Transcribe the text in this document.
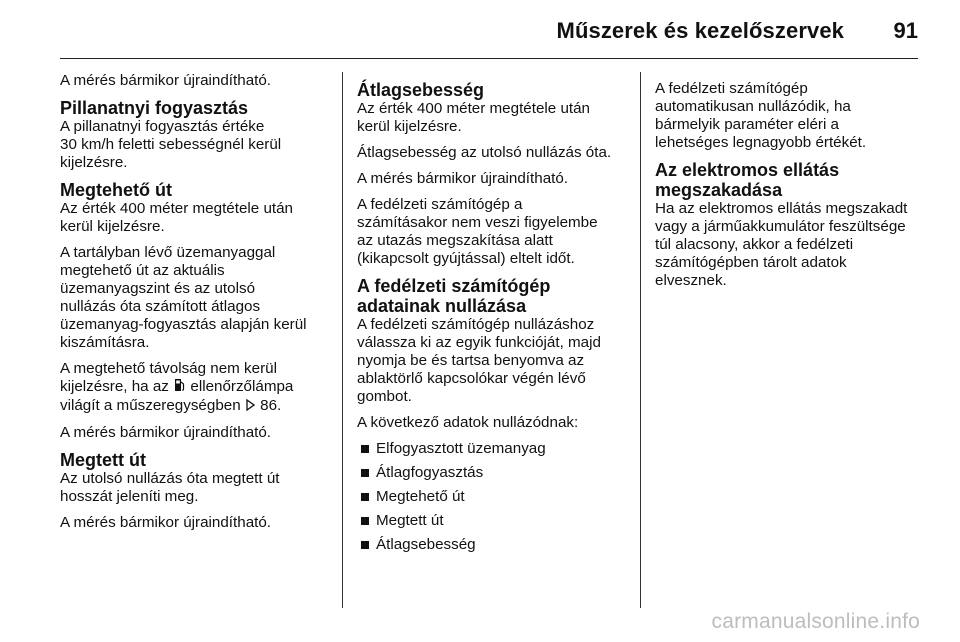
Műszerek és kezelőszervek 91

A mérés bármikor újraindítható.

Pillanatnyi fogyasztás

A pillanatnyi fogyasztás értéke
30 km/h feletti sebességnél kerül
kijelzésre.

Megtehető út

Az érték 400 méter megtétele után
kerül kijelzésre.

A tartályban lévő üzemanyaggal
megtehető út az aktuális
üzemanyagszint és az utolsó
nullázás óta számított átlagos
üzemanyag-fogyasztás alapján kerül
kiszámításra.

A megtehető távolság nem kerül
kijelzésre, ha az ellenőrzőlámpa
világít a műszeregységben 86.

A mérés bármikor újraindítható.

Megtett út

Az utolsó nullázás óta megtett út
hosszát jeleníti meg.

A mérés bármikor újraindítható.

Átlagsebesség

Az érték 400 méter megtétele után
kerül kijelzésre.

Átlagsebesség az utolsó nullázás óta.

A mérés bármikor újraindítható.

A fedélzeti számítógép a
számításakor nem veszi figyelembe
az utazás megszakítása alatt
(kikapcsolt gyújtással) eltelt időt.

A fedélzeti számítógép
adatainak nullázása

A fedélzeti számítógép nullázáshoz
válassza ki az egyik funkcióját, majd
nyomja be és tartsa benyomva az
ablaktörlő kapcsolókar végén lévő
gombot.

A következő adatok nullázódnak:

Elfogyasztott üzemanyag
Átlagfogyasztás
Megtehető út
Megtett út
Átlagsebesség

A fedélzeti számítógép
automatikusan nullázódik, ha
bármelyik paraméter eléri a
lehetséges legnagyobb értékét.

Az elektromos ellátás
megszakadása

Ha az elektromos ellátás megszakadt
vagy a járműakkumulátor feszültsége
túl alacsony, akkor a fedélzeti
számítógépben tárolt adatok
elvesznek.

carmanualsonline.info
